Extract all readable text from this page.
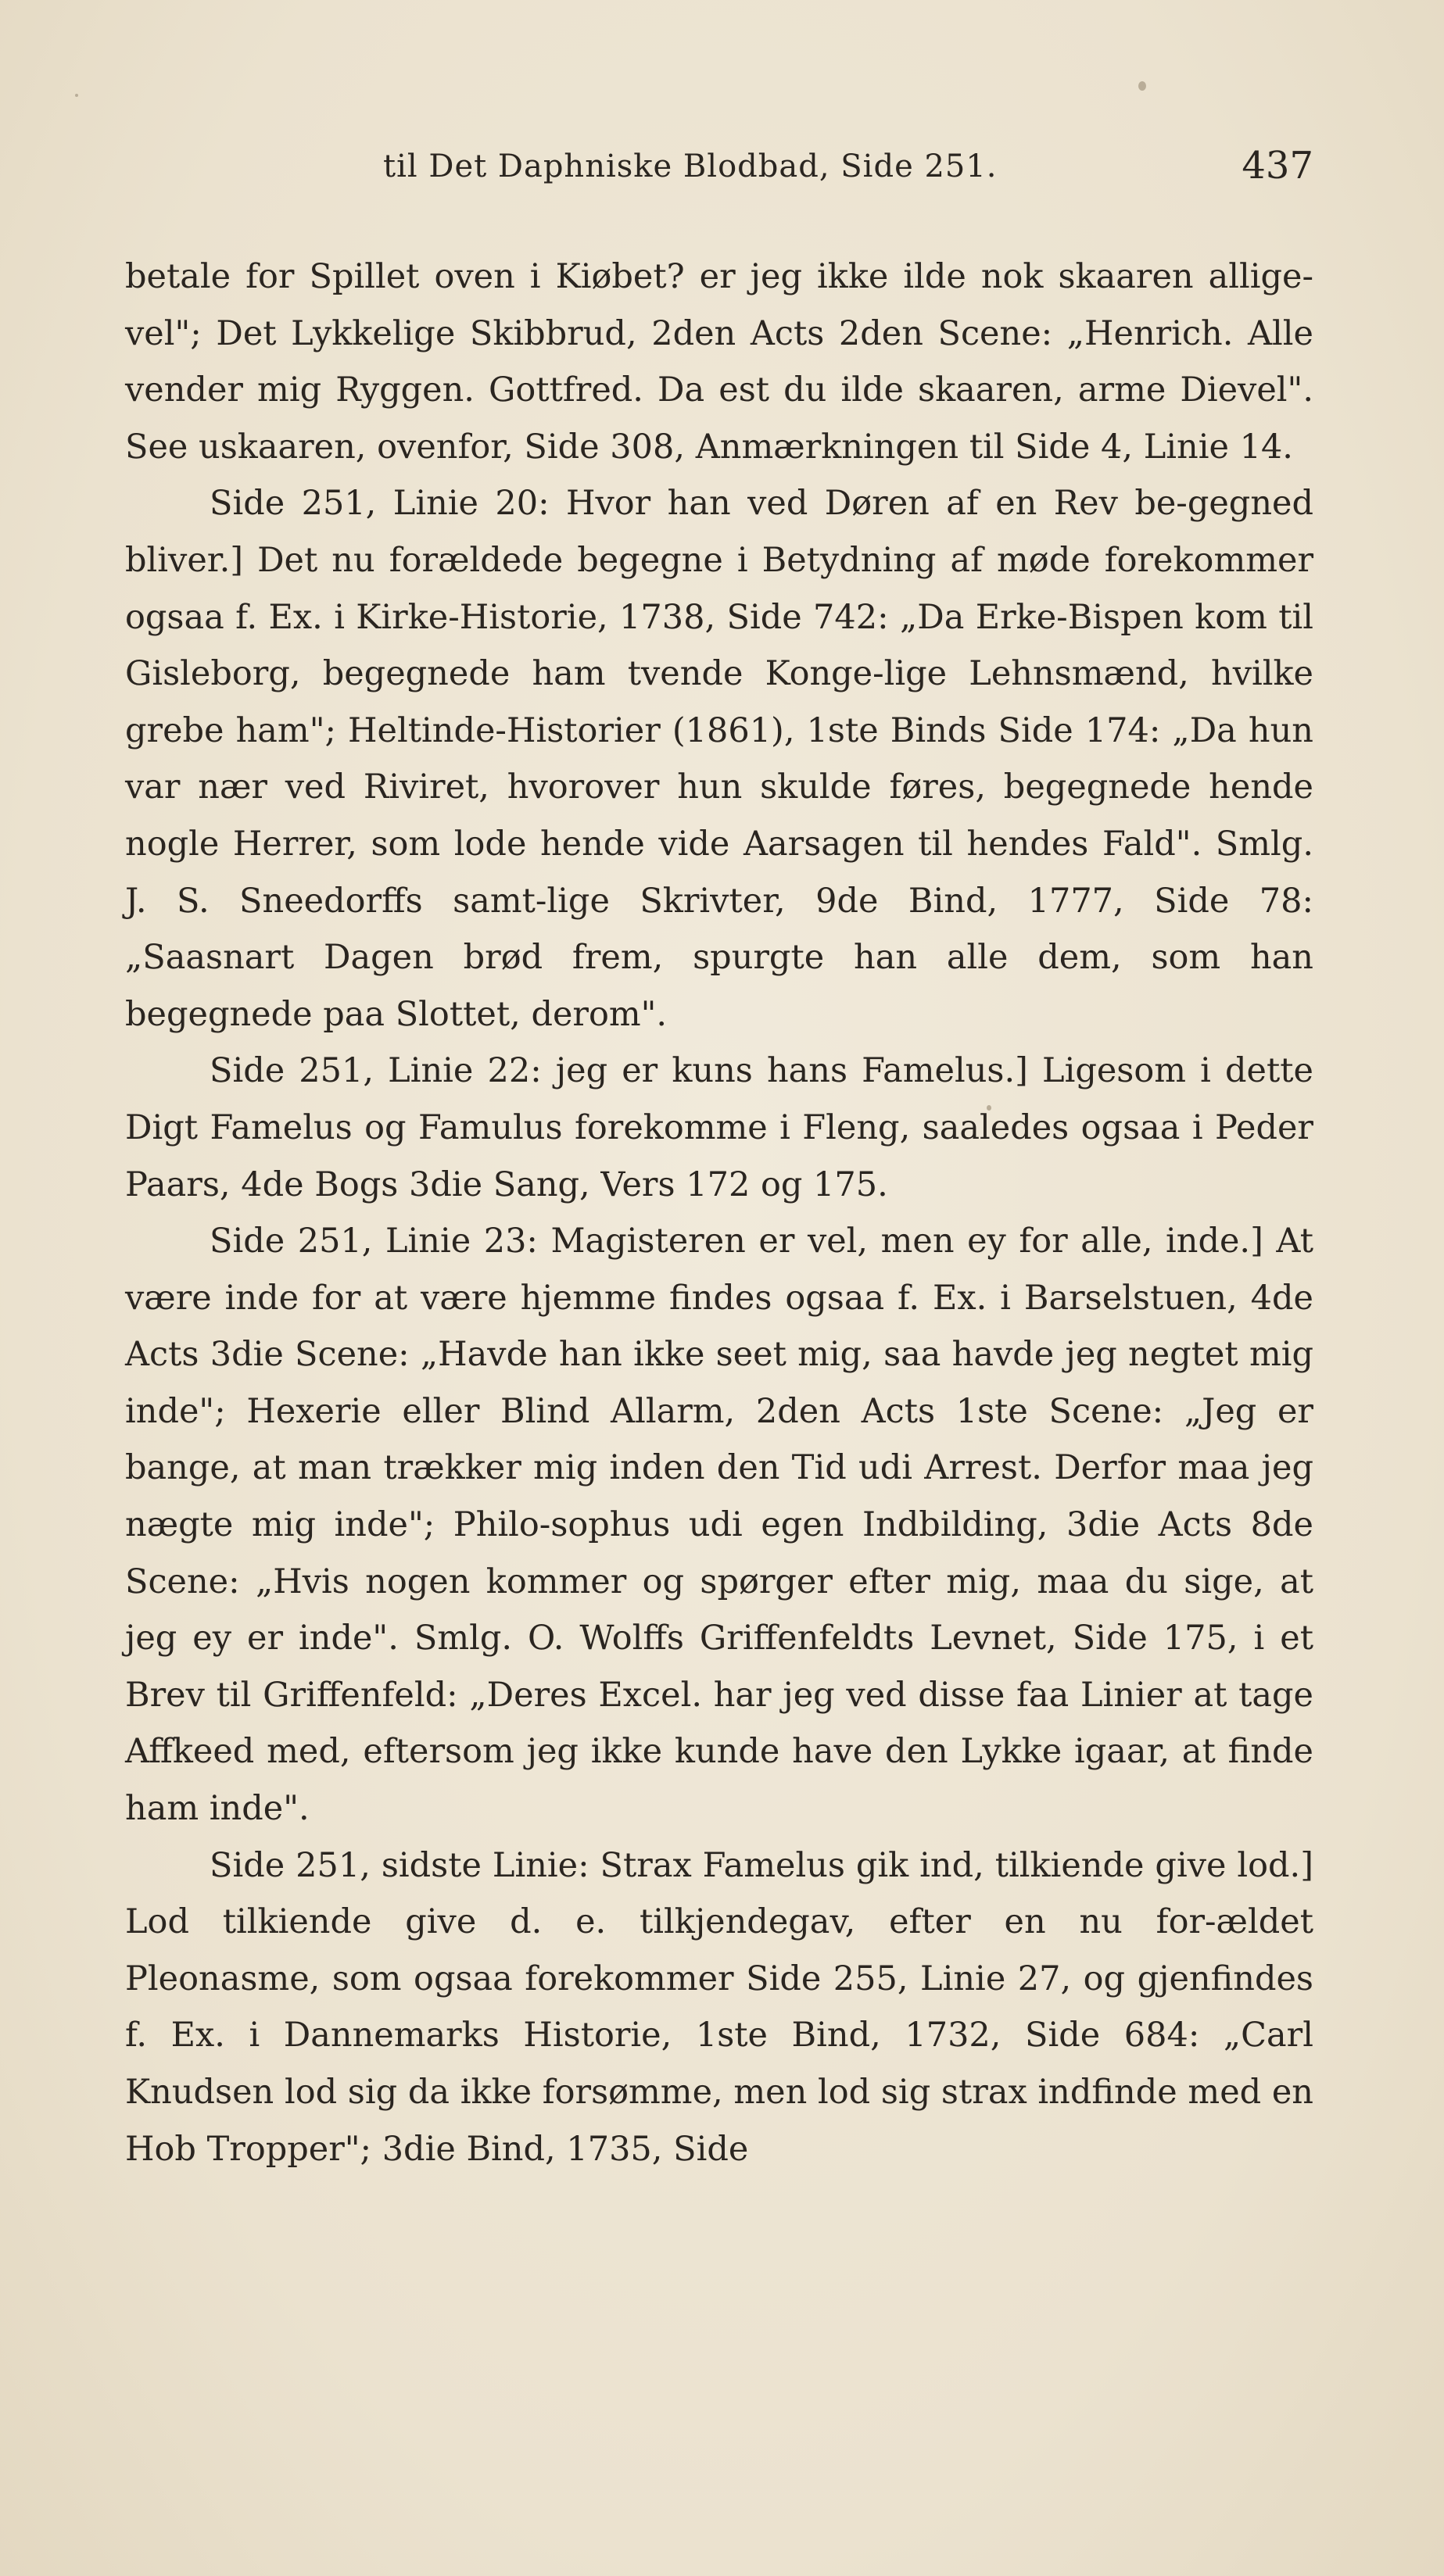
til Det Daphniske Blodbad, Side 251.	437

betale for Spillet oven i Kiøbet? er jeg ikke ilde nok skaaren allige-vel"; Det Lykkelige Skibbrud, 2den Acts 2den Scene: „Henrich. Alle vender mig Ryggen. Gottfred. Da est du ilde skaaren, arme Dievel". See uskaaren, ovenfor, Side 308, Anmærkningen til Side 4, Linie 14.

Side 251, Linie 20: Hvor han ved Døren af en Rev be-gegned bliver.] Det nu forældede begegne i Betydning af møde forekommer ogsaa f. Ex. i Kirke-Historie, 1738, Side 742: „Da Erke-Bispen kom til Gisleborg, begegnede ham tvende Konge-lige Lehnsmænd, hvilke grebe ham"; Heltinde-Historier (1861), 1ste Binds Side 174: „Da hun var nær ved Riviret, hvorover hun skulde føres, begegnede hende nogle Herrer, som lode hende vide Aarsagen til hendes Fald". Smlg. J. S. Sneedorffs samt-lige Skrivter, 9de Bind, 1777, Side 78: „Saasnart Dagen brød frem, spurgte han alle dem, som han begegnede paa Slottet, derom".

Side 251, Linie 22: jeg er kuns hans Famelus.] Ligesom i dette Digt Famelus og Famulus forekomme i Fleng, saaledes ogsaa i Peder Paars, 4de Bogs 3die Sang, Vers 172 og 175.

Side 251, Linie 23: Magisteren er vel, men ey for alle, inde.] At være inde for at være hjemme findes ogsaa f. Ex. i Barselstuen, 4de Acts 3die Scene: „Havde han ikke seet mig, saa havde jeg negtet mig inde"; Hexerie eller Blind Allarm, 2den Acts 1ste Scene: „Jeg er bange, at man trækker mig inden den Tid udi Arrest. Derfor maa jeg nægte mig inde"; Philo-sophus udi egen Indbilding, 3die Acts 8de Scene: „Hvis nogen kommer og spørger efter mig, maa du sige, at jeg ey er inde". Smlg. O. Wolffs Griffenfeldts Levnet, Side 175, i et Brev til Griffenfeld: „Deres Excel. har jeg ved disse faa Linier at tage Affkeed med, eftersom jeg ikke kunde have den Lykke igaar, at finde ham inde".

Side 251, sidste Linie: Strax Famelus gik ind, tilkiende give lod.] Lod tilkiende give d. e. tilkjendegav, efter en nu for-ældet Pleonasme, som ogsaa forekommer Side 255, Linie 27, og gjenfindes f. Ex. i Dannemarks Historie, 1ste Bind, 1732, Side 684: „Carl Knudsen lod sig da ikke forsømme, men lod sig strax indfinde med en Hob Tropper"; 3die Bind, 1735, Side
